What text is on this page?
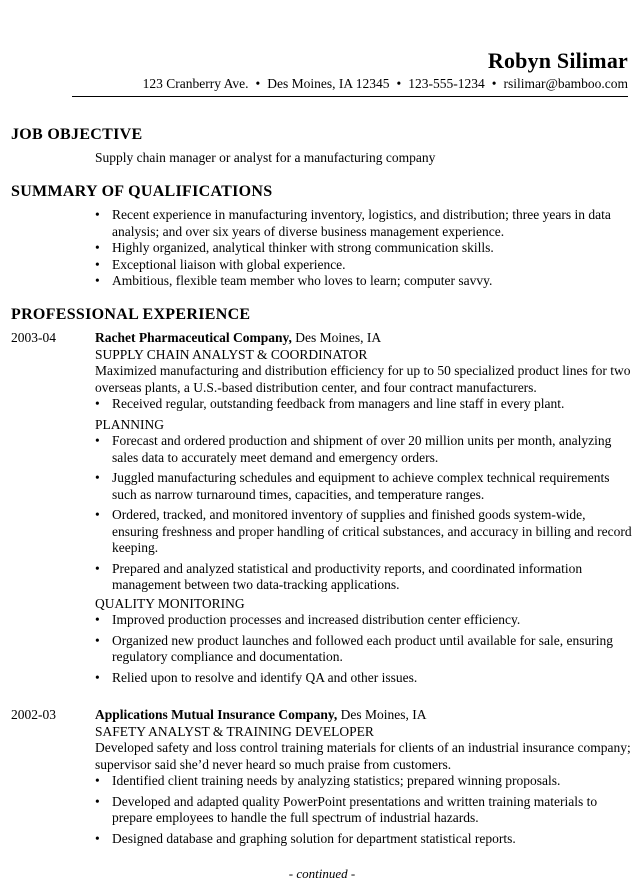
Robyn Silimar
123 Cranberry Ave. • Des Moines, IA 12345 • 123-555-1234 • rsilimar@bamboo.com
JOB OBJECTIVE
Supply chain manager or analyst for a manufacturing company
SUMMARY OF QUALIFICATIONS
• Recent experience in manufacturing inventory, logistics, and distribution; three years in data analysis; and over six years of diverse business management experience.
• Highly organized, analytical thinker with strong communication skills.
• Exceptional liaison with global experience.
• Ambitious, flexible team member who loves to learn; computer savvy.
PROFESSIONAL EXPERIENCE
2003-04	Rachet Pharmaceutical Company, Des Moines, IA
SUPPLY CHAIN ANALYST & COORDINATOR
Maximized manufacturing and distribution efficiency for up to 50 specialized product lines for two overseas plants, a U.S.-based distribution center, and four contract manufacturers.
• Received regular, outstanding feedback from managers and line staff in every plant.
PLANNING
• Forecast and ordered production and shipment of over 20 million units per month, analyzing sales data to accurately meet demand and emergency orders.
• Juggled manufacturing schedules and equipment to achieve complex technical requirements such as narrow turnaround times, capacities, and temperature ranges.
• Ordered, tracked, and monitored inventory of supplies and finished goods system-wide, ensuring freshness and proper handling of critical substances, and accuracy in billing and record keeping.
• Prepared and analyzed statistical and productivity reports, and coordinated information management between two data-tracking applications.
QUALITY MONITORING
• Improved production processes and increased distribution center efficiency.
• Organized new product launches and followed each product until available for sale, ensuring regulatory compliance and documentation.
• Relied upon to resolve and identify QA and other issues.
2002-03	Applications Mutual Insurance Company, Des Moines, IA
SAFETY ANALYST & TRAINING DEVELOPER
Developed safety and loss control training materials for clients of an industrial insurance company; supervisor said she’d never heard so much praise from customers.
• Identified client training needs by analyzing statistics; prepared winning proposals.
• Developed and adapted quality PowerPoint presentations and written training materials to prepare employees to handle the full spectrum of industrial hazards.
• Designed database and graphing solution for department statistical reports.
- continued -
